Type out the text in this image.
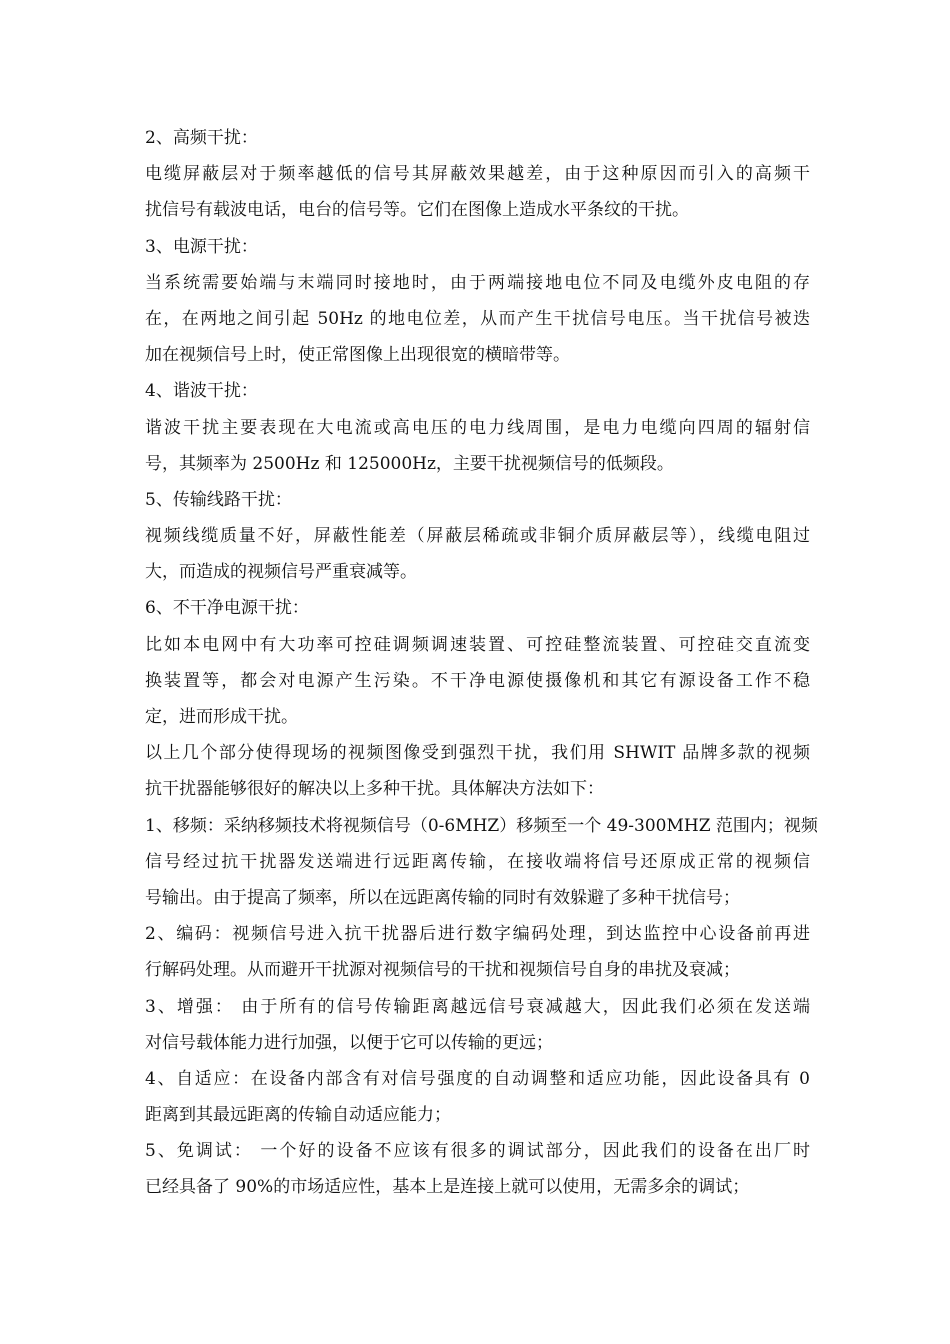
2、高频干扰：
电缆屏蔽层对于频率越低的信号其屏蔽效果越差，由于这种原因而引入的高频干
扰信号有载波电话，电台的信号等。它们在图像上造成水平条纹的干扰。
3、电源干扰：
当系统需要始端与末端同时接地时，由于两端接地电位不同及电缆外皮电阻的存
在，在两地之间引起 50Hz 的地电位差，从而产生干扰信号电压。当干扰信号被迭
加在视频信号上时，使正常图像上出现很宽的横暗带等。
4、谐波干扰：
谐波干扰主要表现在大电流或高电压的电力线周围，是电力电缆向四周的辐射信
号，其频率为 2500Hz 和 125000Hz，主要干扰视频信号的低频段。
5、传输线路干扰：
视频线缆质量不好，屏蔽性能差（屏蔽层稀疏或非铜介质屏蔽层等），线缆电阻过
大，而造成的视频信号严重衰减等。
6、不干净电源干扰：
比如本电网中有大功率可控硅调频调速装置、可控硅整流装置、可控硅交直流变
换装置等，都会对电源产生污染。不干净电源使摄像机和其它有源设备工作不稳
定，进而形成干扰。
以上几个部分使得现场的视频图像受到强烈干扰，我们用 SHWIT 品牌多款的视频
抗干扰器能够很好的解决以上多种干扰。具体解决方法如下：
1、移频：采纳移频技术将视频信号（0-6MHZ）移频至一个 49-300MHZ 范围内；视频
信号经过抗干扰器发送端进行远距离传输，在接收端将信号还原成正常的视频信
号输出。由于提高了频率，所以在远距离传输的同时有效躲避了多种干扰信号；
2、编码：视频信号进入抗干扰器后进行数字编码处理，到达监控中心设备前再进
行解码处理。从而避开干扰源对视频信号的干扰和视频信号自身的串扰及衰减；
3、增强： 由于所有的信号传输距离越远信号衰减越大，因此我们必须在发送端
对信号载体能力进行加强，以便于它可以传输的更远；
4、自适应：在设备内部含有对信号强度的自动调整和适应功能，因此设备具有 0
距离到其最远距离的传输自动适应能力；
5、免调试： 一个好的设备不应该有很多的调试部分，因此我们的设备在出厂时
已经具备了 90%的市场适应性，基本上是连接上就可以使用，无需多余的调试；
